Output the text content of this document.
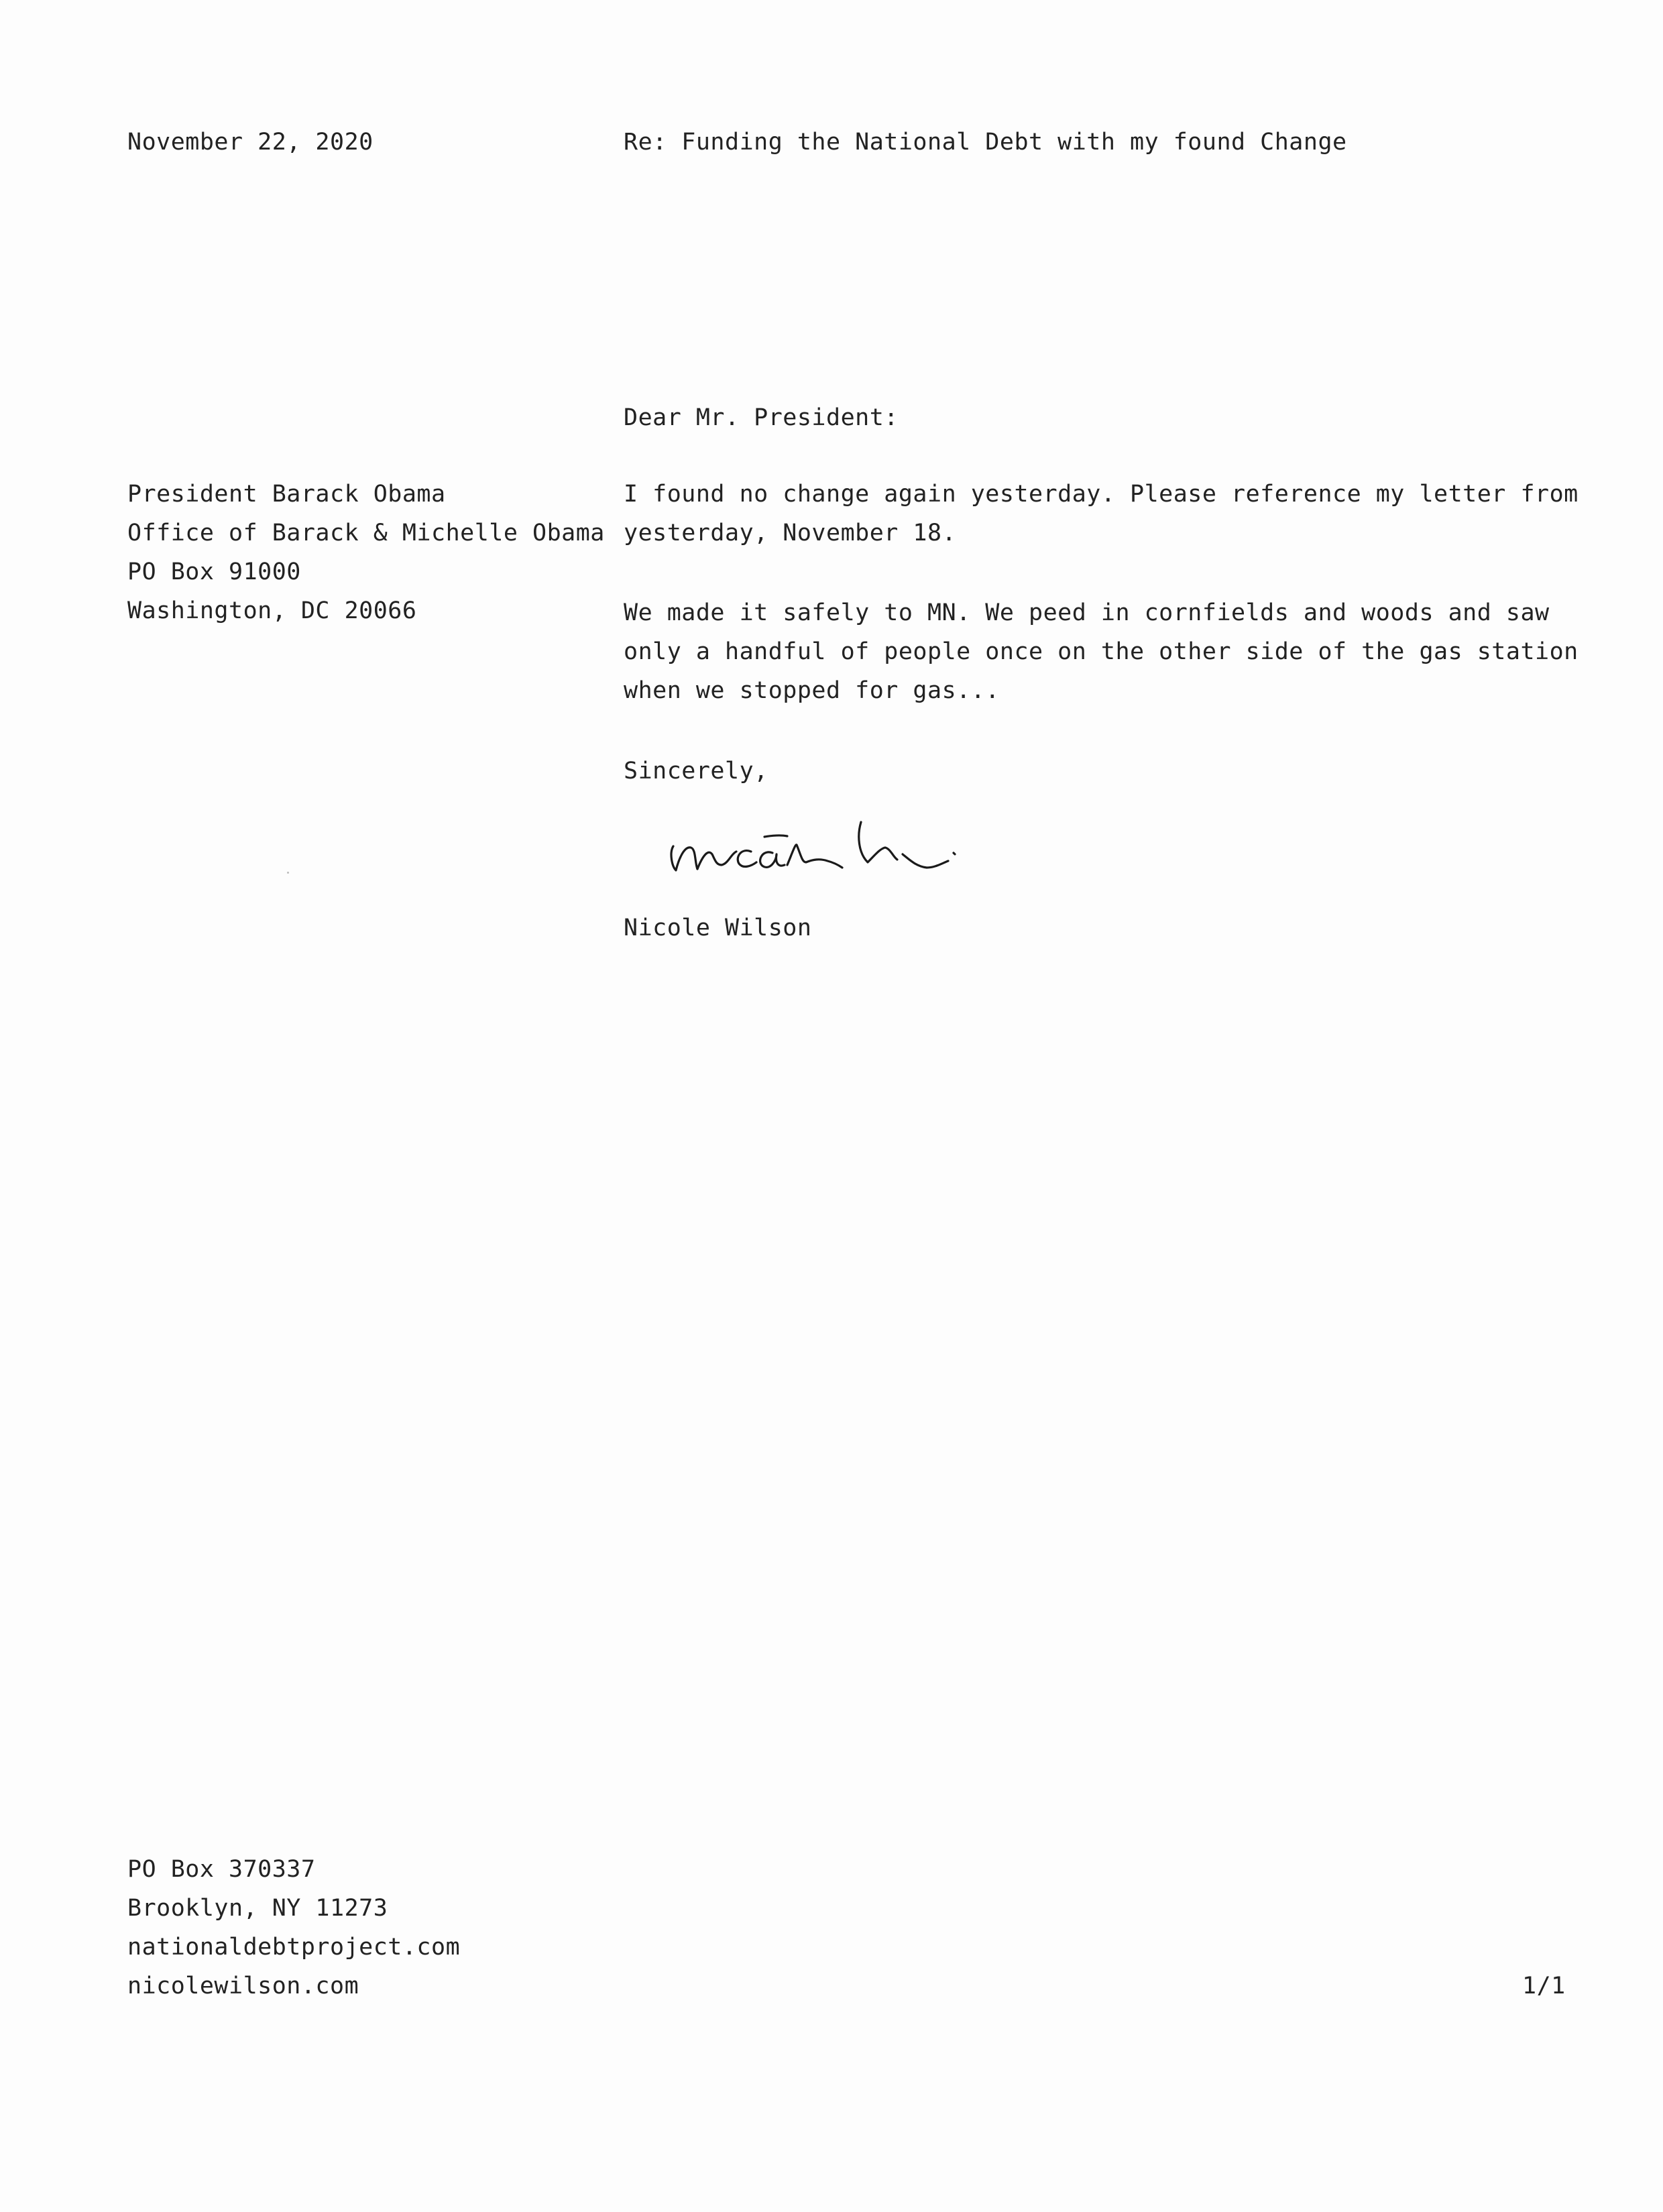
November 22, 2020	Re: Funding the National Debt with my found Change
Dear Mr. President:
President Barack Obama
Office of Barack & Michelle Obama
PO Box 91000
Washington, DC 20066
I found no change again yesterday. Please reference my letter from
yesterday, November 18.
We made it safely to MN. We peed in cornfields and woods and saw
only a handful of people once on the other side of the gas station
when we stopped for gas...
Sincerely,
Nicole Wilson
PO Box 370337
Brooklyn, NY 11273
nationaldebtproject.com
nicolewilson.com	1/1
